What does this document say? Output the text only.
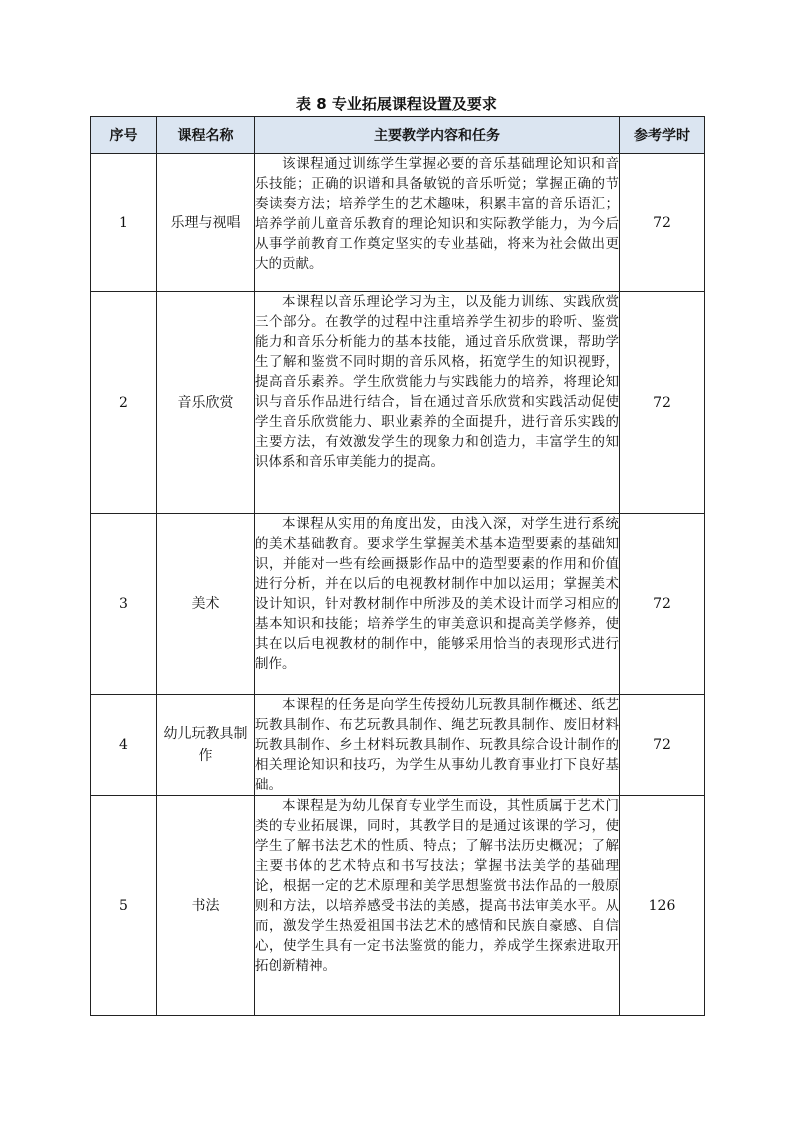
表 8 专业拓展课程设置及要求
序号	课程名称	主要教学内容和任务	参考学时
1	乐理与视唱	该课程通过训练学生掌握必要的音乐基础理论知识和音乐技能；正确的识谱和具备敏锐的音乐听觉；掌握正确的节奏读奏方法；培养学生的艺术趣味，积累丰富的音乐语汇；培养学前儿童音乐教育的理论知识和实际教学能力，为今后从事学前教育工作奠定坚实的专业基础，将来为社会做出更大的贡献。	72
2	音乐欣赏	本课程以音乐理论学习为主，以及能力训练、实践欣赏三个部分。在教学的过程中注重培养学生初步的聆听、鉴赏能力和音乐分析能力的基本技能，通过音乐欣赏课，帮助学生了解和鉴赏不同时期的音乐风格，拓宽学生的知识视野，提高音乐素养。学生欣赏能力与实践能力的培养，将理论知识与音乐作品进行结合，旨在通过音乐欣赏和实践活动促使学生音乐欣赏能力、职业素养的全面提升，进行音乐实践的主要方法，有效激发学生的现象力和创造力，丰富学生的知识体系和音乐审美能力的提高。	72
3	美术	本课程从实用的角度出发，由浅入深，对学生进行系统的美术基础教育。要求学生掌握美术基本造型要素的基础知识，并能对一些有绘画摄影作品中的造型要素的作用和价值进行分析，并在以后的电视教材制作中加以运用；掌握美术设计知识，针对教材制作中所涉及的美术设计而学习相应的基本知识和技能；培养学生的审美意识和提高美学修养，使其在以后电视教材的制作中，能够采用恰当的表现形式进行制作。	72
4	幼儿玩教具制作	本课程的任务是向学生传授幼儿玩教具制作概述、纸艺玩教具制作、布艺玩教具制作、绳艺玩教具制作、废旧材料玩教具制作、乡土材料玩教具制作、玩教具综合设计制作的相关理论知识和技巧，为学生从事幼儿教育事业打下良好基础。	72
5	书法	本课程是为幼儿保育专业学生而设，其性质属于艺术门类的专业拓展课，同时，其教学目的是通过该课的学习，使学生了解书法艺术的性质、特点；了解书法历史概况；了解主要书体的艺术特点和书写技法；掌握书法美学的基础理论，根据一定的艺术原理和美学思想鉴赏书法作品的一般原则和方法，以培养感受书法的美感，提高书法审美水平。从而，激发学生热爱祖国书法艺术的感情和民族自豪感、自信心，使学生具有一定书法鉴赏的能力，养成学生探索进取开拓创新精神。	126
